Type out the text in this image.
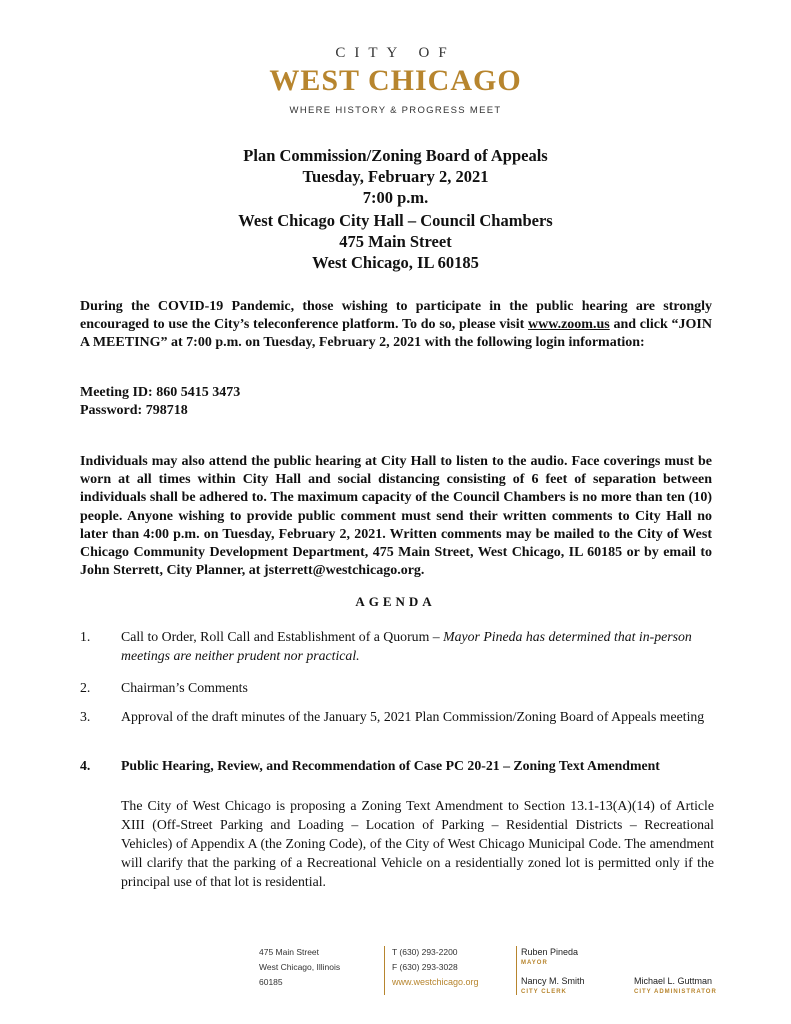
CITY OF
WEST CHICAGO
WHERE HISTORY & PROGRESS MEET
Plan Commission/Zoning Board of Appeals
Tuesday, February 2, 2021
7:00 p.m.
West Chicago City Hall – Council Chambers
475 Main Street
West Chicago, IL 60185

During the COVID-19 Pandemic, those wishing to participate in the public hearing are strongly encouraged to use the City’s teleconference platform. To do so, please visit www.zoom.us and click “JOIN A MEETING” at 7:00 p.m. on Tuesday, February 2, 2021 with the following login information:

Meeting ID: 860 5415 3473
Password: 798718

Individuals may also attend the public hearing at City Hall to listen to the audio. Face coverings must be worn at all times within City Hall and social distancing consisting of 6 feet of separation between individuals shall be adhered to. The maximum capacity of the Council Chambers is no more than ten (10) people. Anyone wishing to provide public comment must send their written comments to City Hall no later than 4:00 p.m. on Tuesday, February 2, 2021. Written comments may be mailed to the City of West Chicago Community Development Department, 475 Main Street, West Chicago, IL 60185 or by email to John Sterrett, City Planner, at jsterrett@westchicago.org.

AGENDA
1. Call to Order, Roll Call and Establishment of a Quorum – Mayor Pineda has determined that in-person meetings are neither prudent nor practical.
2. Chairman’s Comments
3. Approval of the draft minutes of the January 5, 2021 Plan Commission/Zoning Board of Appeals meeting
4. Public Hearing, Review, and Recommendation of Case PC 20-21 – Zoning Text Amendment
The City of West Chicago is proposing a Zoning Text Amendment to Section 13.1-13(A)(14) of Article XIII (Off-Street Parking and Loading – Location of Parking – Residential Districts – Recreational Vehicles) of Appendix A (the Zoning Code), of the City of West Chicago Municipal Code. The amendment will clarify that the parking of a Recreational Vehicle on a residentially zoned lot is permitted only if the principal use of that lot is residential.
475 Main Street
West Chicago, Illinois
60185
T (630) 293-2200
F (630) 293-3028
www.westchicago.org
Ruben Pineda
MAYOR
Nancy M. Smith
CITY CLERK
Michael L. Guttman
CITY ADMINISTRATOR
